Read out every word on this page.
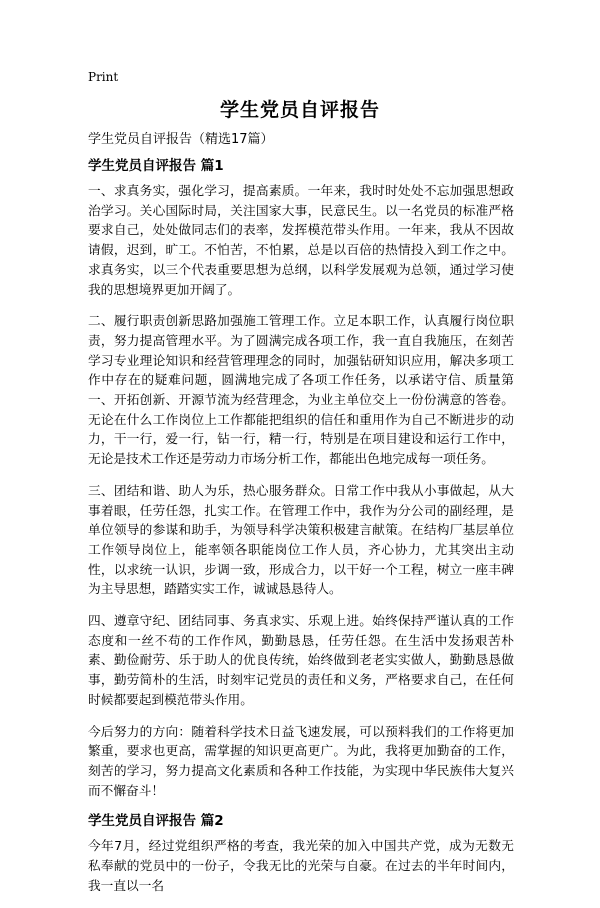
Print
学生党员自评报告
学生党员自评报告（精选17篇）
学生党员自评报告 篇1

一、求真务实，强化学习，提高素质。一年来，我时时处处不忘加强思想政治学习。关心国际时局，关注国家大事，民意民生。以一名党员的标准严格要求自己，处处做同志们的表率，发挥模范带头作用。一年来，我从不因故请假，迟到，旷工。不怕苦，不怕累，总是以百倍的热情投入到工作之中。求真务实，以三个代表重要思想为总纲，以科学发展观为总领，通过学习使我的思想境界更加开阔了。

二、履行职责创新思路加强施工管理工作。立足本职工作，认真履行岗位职责，努力提高管理水平。为了圆满完成各项工作，我一直自我施压，在刻苦学习专业理论知识和经营管理理念的同时，加强钻研知识应用，解决多项工作中存在的疑难问题，圆满地完成了各项工作任务，以承诺守信、质量第一、开拓创新、开源节流为经营理念，为业主单位交上一份份满意的答卷。无论在什么工作岗位上工作都能把组织的信任和重用作为自己不断进步的动力，干一行，爱一行，钻一行，精一行，特别是在项目建设和运行工作中，无论是技术工作还是劳动力市场分析工作，都能出色地完成每一项任务。

三、团结和谐、助人为乐，热心服务群众。日常工作中我从小事做起，从大事着眼，任劳任怨，扎实工作。在管理工作中，我作为分公司的副经理，是单位领导的参谋和助手，为领导科学决策积极建言献策。在结构厂基层单位工作领导岗位上，能率领各职能岗位工作人员，齐心协力，尤其突出主动性，以求统一认识，步调一致，形成合力，以干好一个工程，树立一座丰碑为主导思想，踏踏实实工作，诚诚恳恳待人。

四、遵章守纪、团结同事、务真求实、乐观上进。始终保持严谨认真的工作态度和一丝不苟的工作作风，勤勤恳恳，任劳任怨。在生活中发扬艰苦朴素、勤俭耐劳、乐于助人的优良传统，始终做到老老实实做人，勤勤恳恳做事，勤劳简朴的生活，时刻牢记党员的责任和义务，严格要求自己，在任何时候都要起到模范带头作用。

今后努力的方向：随着科学技术日益飞速发展，可以预料我们的工作将更加繁重，要求也更高，需掌握的知识更高更广。为此，我将更加勤奋的工作，刻苦的学习，努力提高文化素质和各种工作技能，为实现中华民族伟大复兴而不懈奋斗！

学生党员自评报告 篇2

今年7月，经过党组织严格的考查，我光荣的加入中国共产党，成为无数无私奉献的党员中的一份子，令我无比的光荣与自豪。在过去的半年时间内，我一直以一名
